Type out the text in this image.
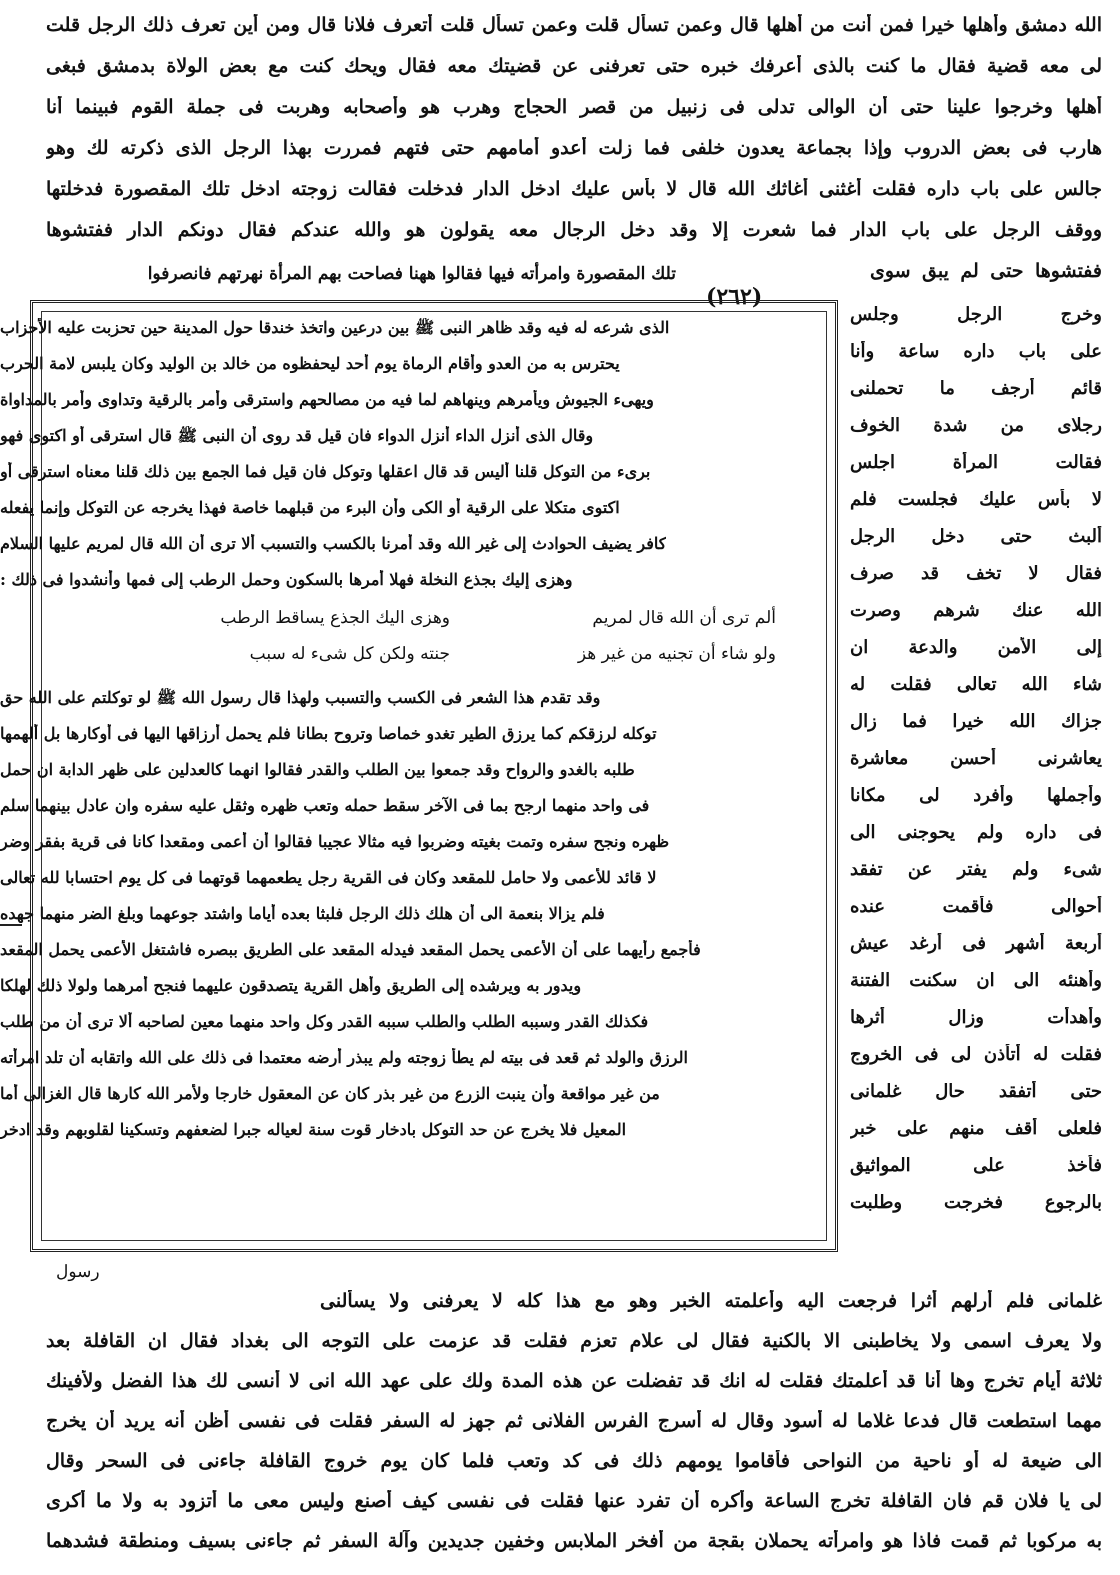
الله دمشق وأهلها خيرا فمن أنت من أهلها قال وعمن تسأل قلت وعمن تسأل قلت أتعرف فلانا قال ومن أين تعرف ذلك الرجل قلت
لى معه قضية فقال ما كنت بالذى أعرفك خبره حتى تعرفنى عن قضيتك معه فقال ويحك كنت مع بعض الولاة بدمشق فبغى
أهلها وخرجوا علينا حتى أن الوالى تدلى فى زنبيل من قصر الحجاج وهرب هو وأصحابه وهربت فى جملة القوم فبينما أنا
هارب فى بعض الدروب وإذا بجماعة يعدون خلفى فما زلت أعدو أمامهم حتى فتهم فمررت بهذا الرجل الذى ذكرته لك وهو
جالس على باب داره فقلت أغثنى أغاثك الله قال لا بأس عليك ادخل الدار فدخلت فقالت زوجته ادخل تلك المقصورة فدخلتها
ووقف الرجل على باب الدار فما شعرت إلا وقد دخل الرجال معه يقولون هو والله عندكم فقال دونكم الدار ففتشوها
ففتشوها حتى لم يبق سوى
تلك المقصورة وامرأته فيها فقالوا ههنا فصاحت بهم المرأة نهرتهم فانصرفوا
(٢٦٢)
وخرج الرجل وجلس
على باب داره ساعة وأنا
قائم أرجف ما تحملنى
رجلاى من شدة الخوف
فقالت المرأة اجلس
لا بأس عليك فجلست فلم
ألبث حتى دخل الرجل
فقال لا تخف قد صرف
الله عنك شرهم وصرت
إلى الأمن والدعة ان
شاء الله تعالى فقلت له
جزاك الله خيرا فما زال
يعاشرنى أحسن معاشرة
وأجملها وأفرد لى مكانا
فى داره ولم يحوجنى الى
شىء ولم يفتر عن تفقد
أحوالى فأقمت عنده
أربعة أشهر فى أرغد عيش
وأهنئه الى ان سكنت الفتنة
وأهدأت وزال أثرها
فقلت له أتأذن لى فى الخروج
حتى أتفقد حال غلمانى
فلعلى أقف منهم على خبر
فأخذ على المواثيق
بالرجوع فخرجت وطلبت
الذى شرعه له فيه وقد ظاهر النبى ﷺ بين درعين واتخذ خندقا حول المدينة حين تحزبت عليه الأحزاب
يحترس به من العدو وأقام الرماة يوم أحد ليحفظوه من خالد بن الوليد وكان يلبس لامة الحرب
ويهىء الجيوش ويأمرهم وينهاهم لما فيه من مصالحهم واسترقى وأمر بالرقية وتداوى وأمر بالمداواة
وقال الذى أنزل الداء أنزل الدواء فان قيل قد روى أن النبى ﷺ قال استرقى أو اكتوى فهو
برىء من التوكل قلنا أليس قد قال اعقلها وتوكل فان قيل فما الجمع بين ذلك قلنا معناه استرقى أو
اكتوى متكلا على الرقية أو الكى وأن البرء من قبلهما خاصة فهذا يخرجه عن التوكل وإنما يفعله
كافر يضيف الحوادث إلى غير الله وقد أمرنا بالكسب والتسبب ألا ترى أن الله قال لمريم عليها السلام
وهزى إليك بجذع النخلة فهلا أمرها بالسكون وحمل الرطب إلى فمها وأنشدوا فى ذلك :
ألم ترى أن الله قال لمريم
وهزى اليك الجذع يساقط الرطب
ولو شاء أن تجنيه من غير هز
جنته ولكن كل شىء له سبب
وقد تقدم هذا الشعر فى الكسب والتسبب ولهذا قال رسول الله ﷺ لو توكلتم على الله حق
توكله لرزقكم كما يرزق الطير تغدو خماصا وتروح بطانا فلم يحمل أرزاقها اليها فى أوكارها بل ألهمها
طلبه بالغدو والرواح وقد جمعوا بين الطلب والقدر فقالوا انهما كالعدلين على ظهر الدابة ان حمل
فى واحد منهما ارجح بما فى الآخر سقط حمله وتعب ظهره وثقل عليه سفره وان عادل بينهما سلم
ظهره ونجح سفره وتمت بغيته وضربوا فيه مثالا عجيبا فقالوا أن أعمى ومقعدا كانا فى قرية بفقر وضر
لا قائد للأعمى ولا حامل للمقعد وكان فى القرية رجل يطعمهما قوتهما فى كل يوم احتسابا لله تعالى
فلم يزالا بنعمة الى أن هلك ذلك الرجل فلبثا بعده أياما واشتد جوعهما وبلغ الضر منهما جهده
فأجمع رأيهما على أن الأعمى يحمل المقعد فيدله المقعد على الطريق ببصره فاشتغل الأعمى يحمل المقعد
ويدور به ويرشده إلى الطريق وأهل القرية يتصدقون عليهما فنجح أمرهما ولولا ذلك لهلكا
فكذلك القدر وسببه الطلب والطلب سببه القدر وكل واحد منهما معين لصاحبه ألا ترى أن من طلب
الرزق والولد ثم قعد فى بيته لم يطأ زوجته ولم يبذر أرضه معتمدا فى ذلك على الله واتقابه أن تلد امرأته
من غير مواقعة وأن ينبت الزرع من غير بذر كان عن المعقول خارجا ولأمر الله كارها قال الغزالى أما
المعيل فلا يخرج عن حد التوكل بادخار قوت سنة لعياله جبرا لضعفهم وتسكينا لقلوبهم وقد ادخر
رسول
غلمانى فلم أرلهم أثرا فرجعت اليه وأعلمته الخبر وهو مع هذا كله لا يعرفنى ولا يسألنى
ولا يعرف اسمى ولا يخاطبنى الا بالكنية فقال لى علام تعزم فقلت قد عزمت على التوجه الى بغداد فقال ان القافلة بعد
ثلاثة أيام تخرج وها أنا قد أعلمتك فقلت له انك قد تفضلت عن هذه المدة ولك على عهد الله انى لا أنسى لك هذا الفضل ولأفينك
مهما استطعت قال فدعا غلاما له أسود وقال له أسرج الفرس الفلانى ثم جهز له السفر فقلت فى نفسى أظن أنه يريد أن يخرج
الى ضيعة له أو ناحية من النواحى فأقاموا يومهم ذلك فى كد وتعب فلما كان يوم خروج القافلة جاءنى فى السحر وقال
لى يا فلان قم فان القافلة تخرج الساعة وأكره أن تفرد عنها فقلت فى نفسى كيف أصنع وليس معى ما أتزود به ولا ما أكرى
به مركوبا ثم قمت فاذا هو وامرأته يحملان بقجة من أفخر الملابس وخفين جديدين وآلة السفر ثم جاءنى بسيف ومنطقة فشدهما
